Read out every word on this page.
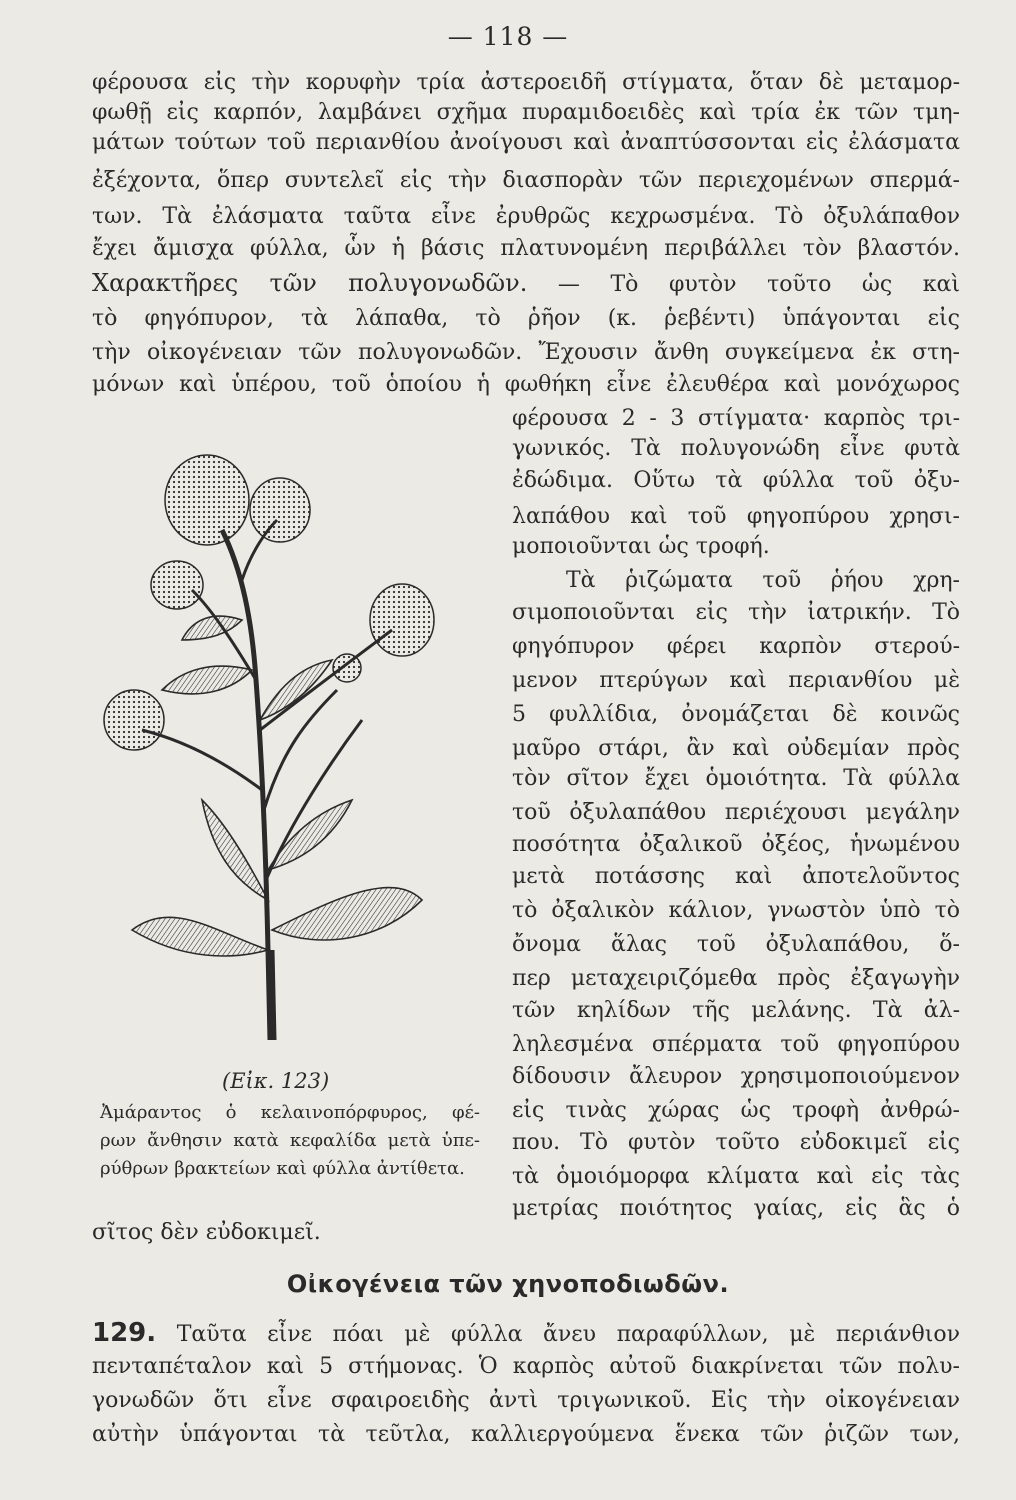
— 118 —
φέρουσα εἰς τὴν κορυφὴν τρία ἀστεροειδῆ στίγματα, ὅταν δὲ μεταμορ-
φωθῇ εἰς καρπόν, λαμβάνει σχῆμα πυραμιδοειδὲς καὶ τρία ἐκ τῶν τμη-
μάτων τούτων τοῦ περιανθίου ἀνοίγουσι καὶ ἀναπτύσσονται εἰς ἐλάσματα
ἐξέχοντα, ὅπερ συντελεῖ εἰς τὴν διασπορὰν τῶν περιεχομένων σπερμά-
των. Τὰ ἐλάσματα ταῦτα εἶνε ἐρυθρῶς κεχρωσμένα. Τὸ ὀξυλάπαθον
ἔχει ἄμισχα φύλλα, ὧν ἡ βάσις πλατυνομένη περιβάλλει τὸν βλαστόν.
Χαρακτῆρες τῶν πολυγονωδῶν. — Τὸ φυτὸν τοῦτο ὡς καὶ
τὸ φηγόπυρον, τὰ λάπαθα, τὸ ῥῆον (κ. ῥεβέντι) ὑπάγονται εἰς
τὴν οἰκογένειαν τῶν πολυγονωδῶν. Ἔχουσιν ἄνθη συγκείμενα ἐκ στη-
μόνων καὶ ὑπέρου, τοῦ ὁποίου ἡ φωθήκη εἶνε ἐλευθέρα καὶ μονόχωρος
φέρουσα 2 - 3 στίγματα· καρπὸς τρι-
γωνικός. Τὰ πολυγονώδη εἶνε φυτὰ
ἐδώδιμα. Οὕτω τὰ φύλλα τοῦ ὀξυ-
λαπάθου καὶ τοῦ φηγοπύρου χρησι-
μοποιοῦνται ὡς τροφή.
Τὰ ῥιζώματα τοῦ ῥήου χρη-
σιμοποιοῦνται εἰς τὴν ἰατρικήν. Τὸ
φηγόπυρον φέρει καρπὸν στερού-
μενον πτερύγων καὶ περιανθίου μὲ
5 φυλλίδια, ὀνομάζεται δὲ κοινῶς
μαῦρο στάρι, ἂν καὶ οὐδεμίαν πρὸς
τὸν σῖτον ἔχει ὁμοιότητα. Τὰ φύλλα
τοῦ ὀξυλαπάθου περιέχουσι μεγάλην
ποσότητα ὀξαλικοῦ ὀξέος, ἡνωμένου
μετὰ ποτάσσης καὶ ἀποτελοῦντος
τὸ ὀξαλικὸν κάλιον, γνωστὸν ὑπὸ τὸ
ὄνομα ἅλας τοῦ ὀξυλαπάθου, ὅ-
περ μεταχειριζόμεθα πρὸς ἐξαγωγὴν
τῶν κηλίδων τῆς μελάνης. Τὰ ἀλ-
ληλεσμένα σπέρματα τοῦ φηγοπύρου
δίδουσιν ἄλευρον χρησιμοποιούμενον
εἰς τινὰς χώρας ὡς τροφὴ ἀνθρώ-
που. Τὸ φυτὸν τοῦτο εὐδοκιμεῖ εἰς
τὰ ὁμοιόμορφα κλίματα καὶ εἰς τὰς
μετρίας ποιότητος γαίας, εἰς ἃς ὁ
(Εἰκ. 123)
Ἀμάραντος ὁ κελαινοπόρφυρος, φέ-
ρων ἄνθησιν κατὰ κεφαλίδα μετὰ ὑπε-
ρύθρων βρακτείων καὶ φύλλα ἀντίθετα.
σῖτος δὲν εὐδοκιμεῖ.
Οἰκογένεια τῶν χηνοποδιωδῶν.
129. Ταῦτα εἶνε πόαι μὲ φύλλα ἄνευ παραφύλλων, μὲ περιάνθιον
πενταπέταλον καὶ 5 στήμονας. Ὁ καρπὸς αὐτοῦ διακρίνεται τῶν πολυ-
γονωδῶν ὅτι εἶνε σφαιροειδὴς ἀντὶ τριγωνικοῦ. Εἰς τὴν οἰκογένειαν
αὐτὴν ὑπάγονται τὰ τεῦτλα, καλλιεργούμενα ἕνεκα τῶν ῥιζῶν των,
